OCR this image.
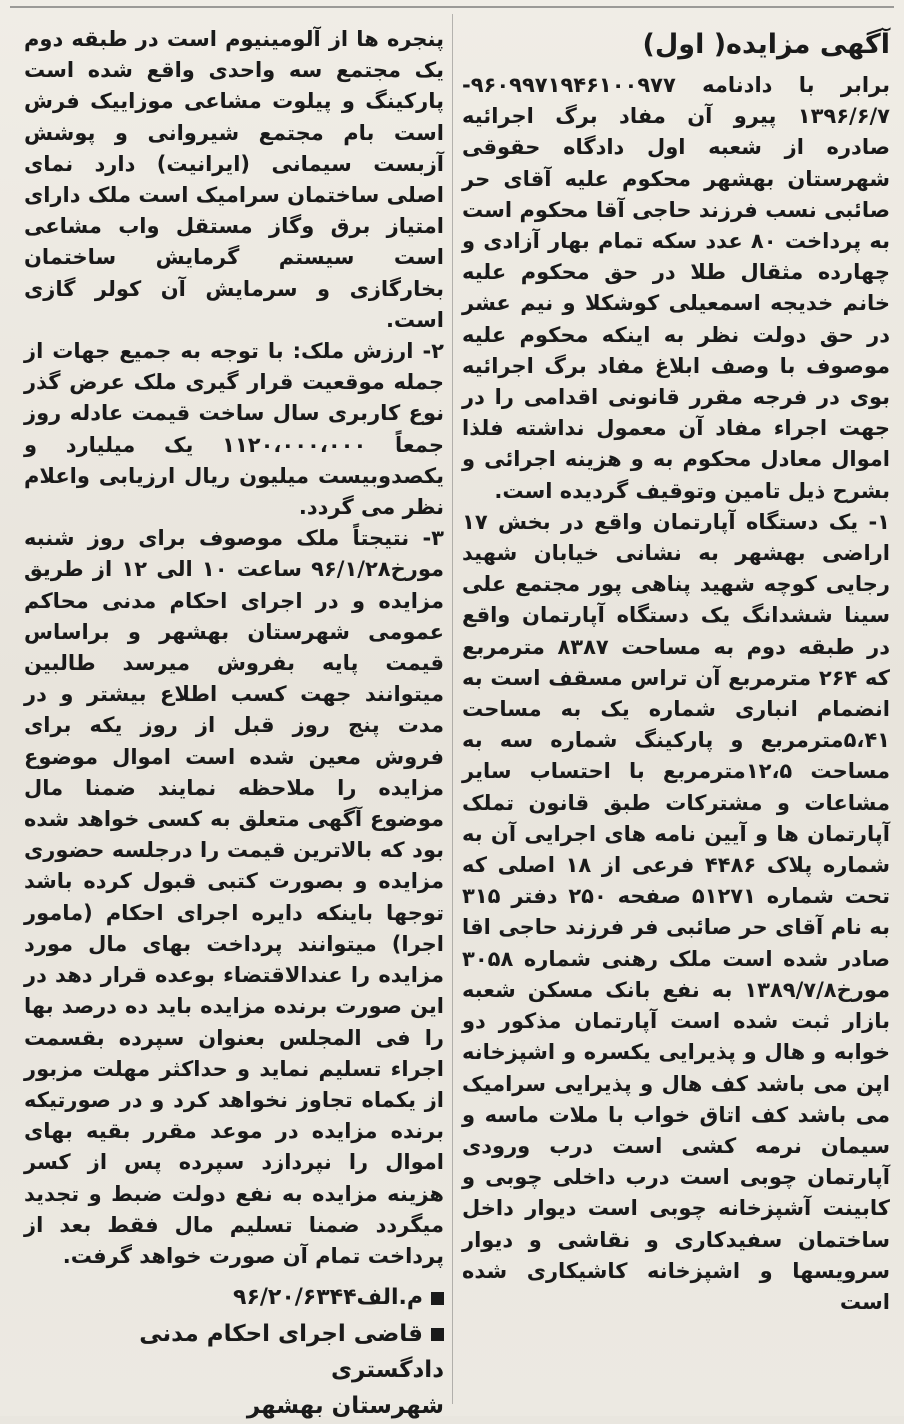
آگهی مزایده( اول)

برابر با دادنامه ۹۶۰۹۹۷۱۹۴۶۱۰۰۹۷۷- ۱۳۹۶/۶/۷ پیرو آن مفاد برگ اجرائیه صادره از شعبه اول دادگاه حقوقی شهرستان بهشهر محکوم علیه آقای حر صائبی نسب فرزند حاجی آقا محکوم است به پرداخت ۸۰ عدد سکه تمام بهار آزادی و چهارده مثقال طلا در حق محکوم علیه خانم خدیجه اسمعیلی کوشکلا و نیم عشر در حق دولت نظر به اینکه محکوم علیه موصوف با وصف ابلاغ مفاد برگ اجرائیه بوی در فرجه مقرر قانونی اقدامی را در جهت اجراء مفاد آن معمول نداشته فلذا اموال معادل محکوم به و هزینه اجرائی و بشرح ذیل تامین وتوقیف گردیده است.

۱- یک دستگاه آپارتمان واقع در بخش ۱۷ اراضی بهشهر به نشانی خیابان شهید رجایی کوچه شهید پناهی پور مجتمع علی سینا ششدانگ یک دستگاه آپارتمان واقع در طبقه دوم به مساحت ۸۳۸۷ مترمربع که ۲۶۴ مترمربع آن تراس مسقف است به انضمام انباری شماره یک به مساحت ۵،۴۱مترمربع و پارکینگ شماره سه به مساحت ۱۲،۵مترمربع با احتساب سایر مشاعات و مشترکات طبق قانون تملک آپارتمان ها و آیین نامه های اجرایی آن به شماره پلاک ۴۴۸۶ فرعی از ۱۸ اصلی که تحت شماره ۵۱۲۷۱ صفحه ۲۵۰ دفتر ۳۱۵ به نام آقای حر صائبی فر فرزند حاجی اقا صادر شده است ملک رهنی شماره ۳۰۵۸ مورخ۱۳۸۹/۷/۸ به نفع بانک مسکن شعبه بازار ثبت شده است آپارتمان مذکور دو خوابه و هال و پذیرایی یکسره و اشپزخانه اپن می باشد کف هال و پذیرایی سرامیک می باشد کف اتاق خواب با ملات ماسه و سیمان نرمه کشی است درب ورودی آپارتمان چوبی است درب داخلی چوبی و کابینت آشپزخانه چوبی است دیوار داخل ساختمان سفیدکاری و نقاشی و دیوار سرویسها و اشپزخانه کاشیکاری شده است

پنجره ها از آلومینیوم است در طبقه دوم یک مجتمع سه واحدی واقع شده است پارکینگ و پیلوت مشاعی موزاییک فرش است بام مجتمع شیروانی و پوشش آزبست سیمانی (ایرانیت) دارد نمای اصلی ساختمان سرامیک است ملک دارای امتیاز برق وگاز مستقل واب مشاعی است سیستم گرمایش ساختمان بخارگازی و سرمایش آن کولر گازی است.

۲- ارزش ملک: با توجه به جمیع جهات از جمله موقعیت قرار گیری ملک عرض گذر نوع کاربری سال ساخت قیمت عادله روز جمعاً ۱۱۲۰،۰۰۰،۰۰۰ یک میلیارد و یکصدوبیست میلیون ریال ارزیابی واعلام نظر می گردد.

۳- نتیجتاً ملک موصوف برای روز شنبه مورخ۹۶/۱/۲۸ ساعت ۱۰ الی ۱۲ از طریق مزایده و در اجرای احکام مدنی محاکم عمومی شهرستان بهشهر و براساس قیمت پایه بفروش میرسد طالبین میتوانند جهت کسب اطلاع بیشتر و در مدت پنج روز قبل از روز یکه برای فروش معین شده است اموال موضوع مزایده را ملاحظه نمایند ضمنا مال موضوع آگهی متعلق به کسی خواهد شده بود که بالاترین قیمت را درجلسه حضوری مزایده و بصورت کتبی قبول کرده باشد توجها باینکه دایره اجرای احکام (مامور اجرا) میتوانند پرداخت بهای مال مورد مزایده را عندالاقتضاء بوعده قرار دهد در این صورت برنده مزایده باید ده درصد بها را فی المجلس بعنوان سپرده بقسمت اجراء تسلیم نماید و حداکثر مهلت مزبور از یکماه تجاوز نخواهد کرد و در صورتیکه برنده مزایده در موعد مقرر بقیه بهای اموال را نپردازد سپرده پس از کسر هزینه مزایده به نفع دولت ضبط و تجدید میگردد ضمنا تسلیم مال فقط بعد از پرداخت تمام آن صورت خواهد گرفت.

م.الف۹۶/۲۰/۶۳۴۴

قاضی اجرای احکام مدنی دادگستری

شهرستان بهشهر
